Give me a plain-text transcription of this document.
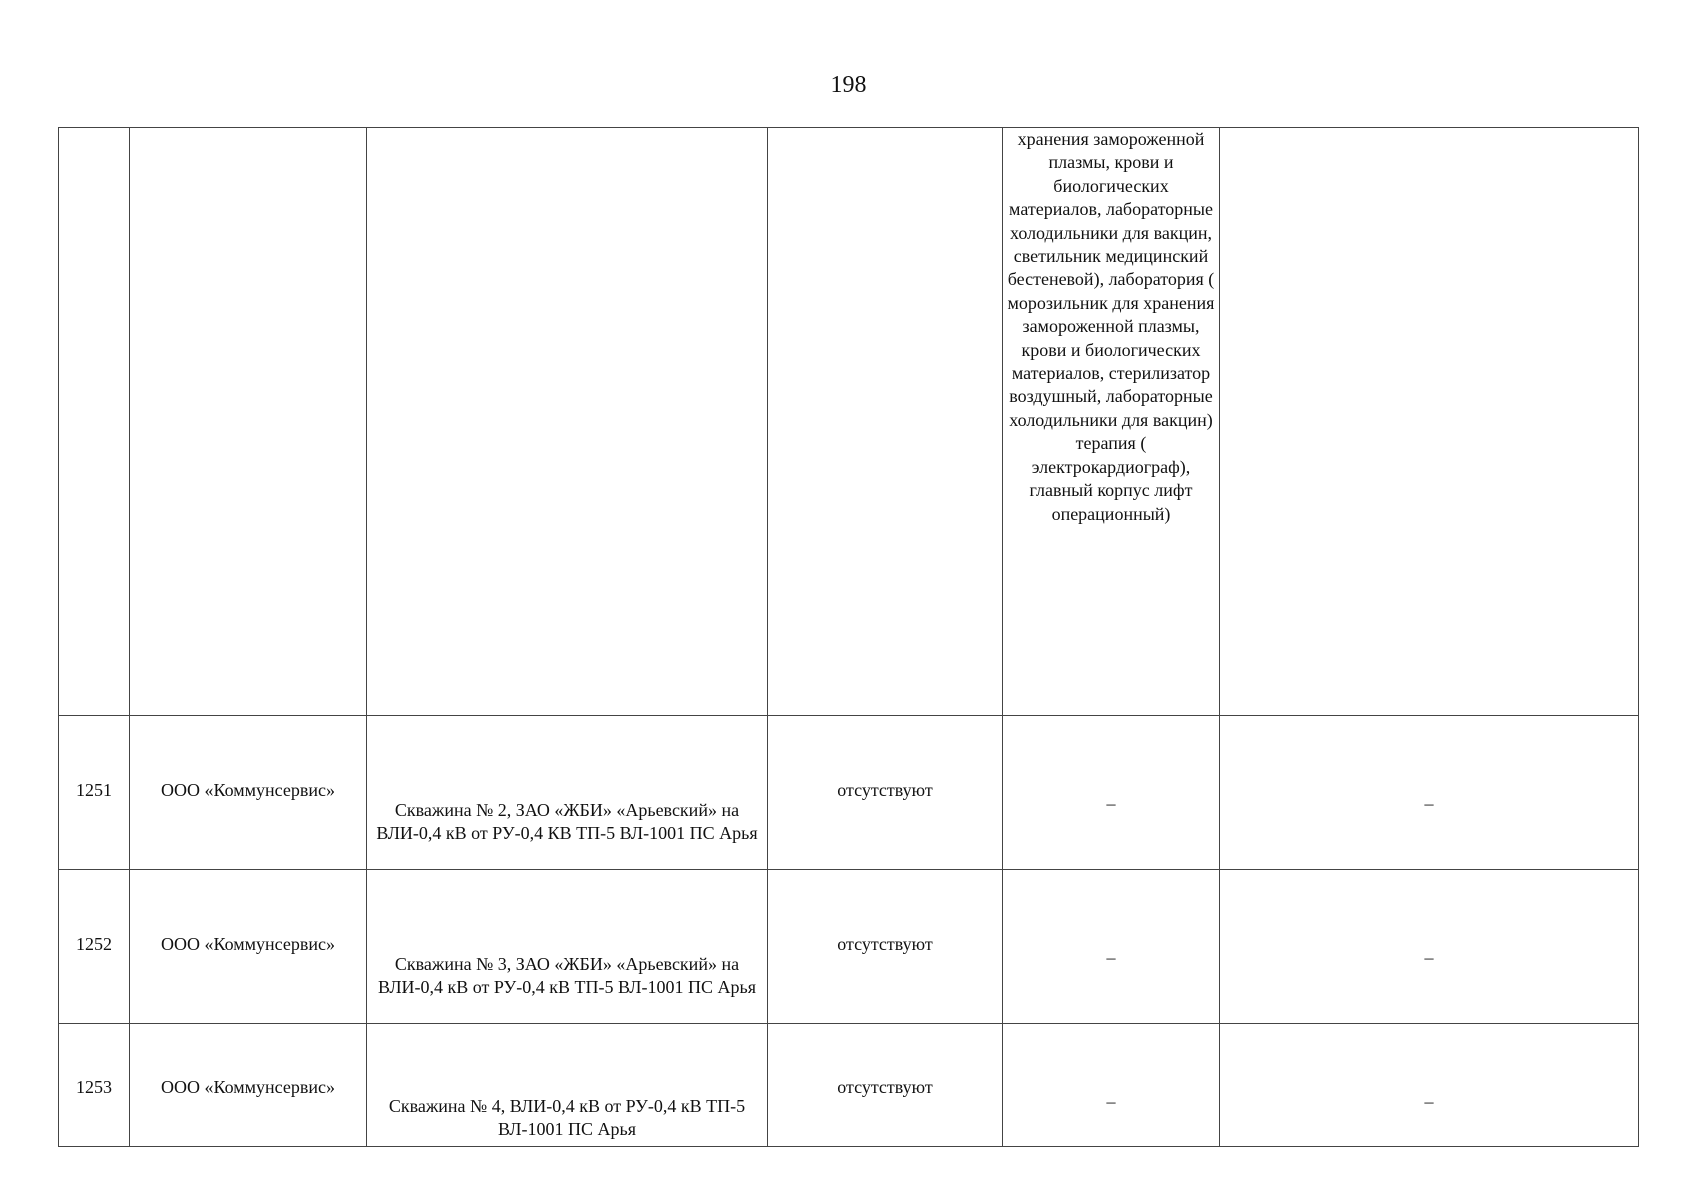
198

				хранения замороженной плазмы, крови и биологических материалов, лабораторные холодильники для вакцин, светильник медицинский бестеневой), лаборатория ( морозильник для хранения замороженной плазмы, крови и биологических материалов, стерилизатор воздушный, лабораторные холодильники для вакцин) терапия ( электрокардиограф), главный корпус лифт операционный)	

1251	ООО «Коммунсервис»	Скважина № 2, ЗАО «ЖБИ» «Арьевский» на ВЛИ-0,4 кВ от РУ-0,4 КВ ТП-5 ВЛ-1001 ПС Арья	отсутствуют	_	_

1252	ООО «Коммунсервис»	Скважина № 3, ЗАО «ЖБИ» «Арьевский» на ВЛИ-0,4 кВ от РУ-0,4 кВ ТП-5 ВЛ-1001 ПС Арья	отсутствуют	_	_

1253	ООО «Коммунсервис»	Скважина № 4, ВЛИ-0,4 кВ от РУ-0,4 кВ ТП-5 ВЛ-1001 ПС Арья	отсутствуют	_	_
